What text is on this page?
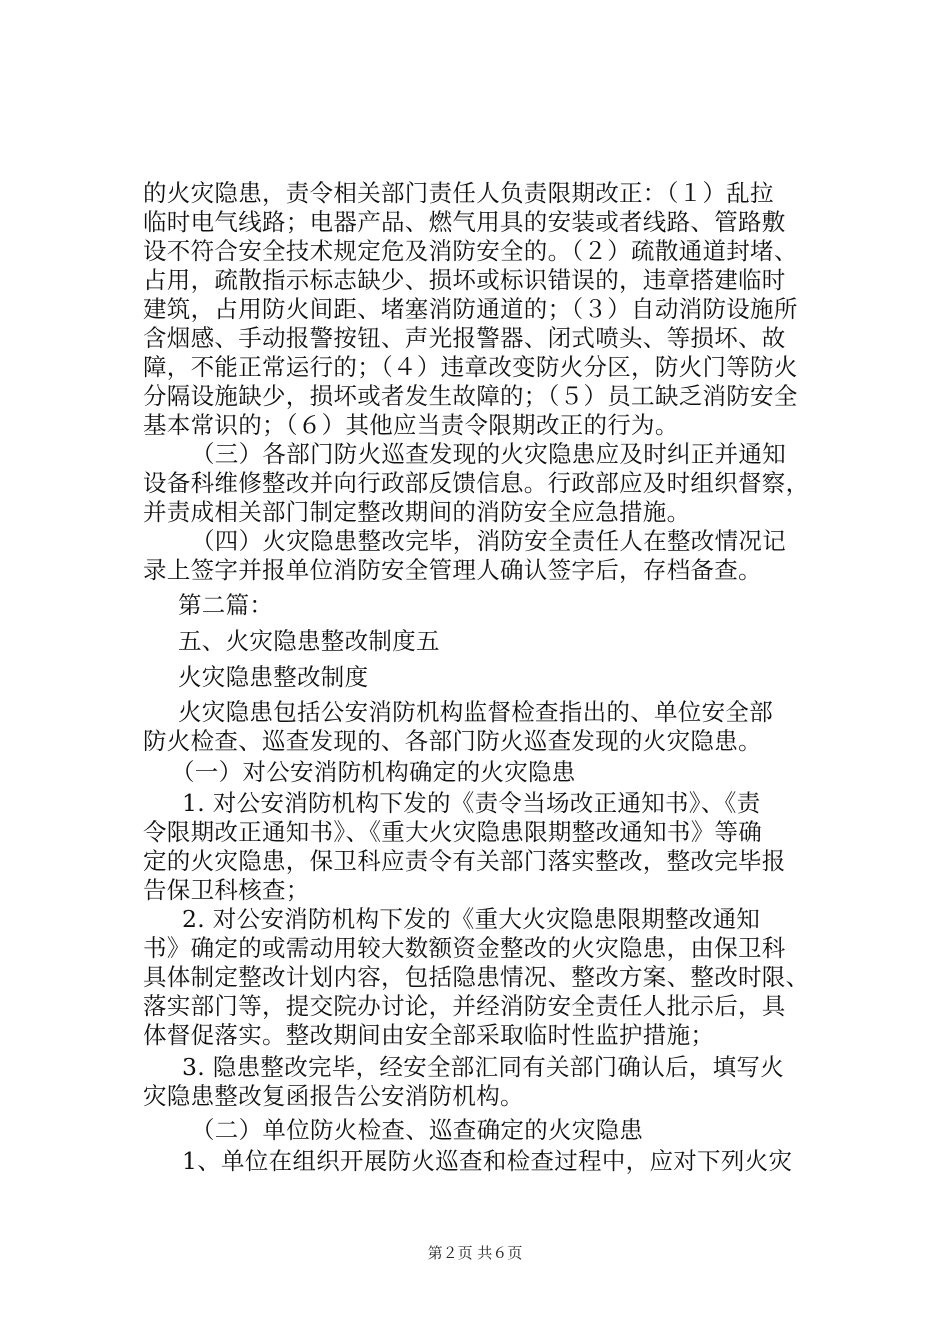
的火灾隐患，责令相关部门责任人负责限期改正：（１）乱拉
临时电气线路；电器产品、燃气用具的安装或者线路、管路敷
设不符合安全技术规定危及消防安全的。（２）疏散通道封堵、
占用，疏散指示标志缺少、损坏或标识错误的，违章搭建临时
建筑，占用防火间距、堵塞消防通道的；（３）自动消防设施所
含烟感、手动报警按钮、声光报警器、闭式喷头、等损坏、故
障，不能正常运行的；（４）违章改变防火分区，防火门等防火
分隔设施缺少，损坏或者发生故障的；（５）员工缺乏消防安全
基本常识的；（６）其他应当责令限期改正的行为。
（三）各部门防火巡查发现的火灾隐患应及时纠正并通知
设备科维修整改并向行政部反馈信息。行政部应及时组织督察，
并责成相关部门制定整改期间的消防安全应急措施。
（四）火灾隐患整改完毕，消防安全责任人在整改情况记
录上签字并报单位消防安全管理人确认签字后，存档备查。
第二篇：
五、火灾隐患整改制度五
火灾隐患整改制度
火灾隐患包括公安消防机构监督检查指出的、单位安全部
防火检查、巡查发现的、各部门防火巡查发现的火灾隐患。
（一）对公安消防机构确定的火灾隐患
1. 对公安消防机构下发的《责令当场改正通知书》、《责
令限期改正通知书》、《重大火灾隐患限期整改通知书》等确
定的火灾隐患，保卫科应责令有关部门落实整改，整改完毕报
告保卫科核查；
2. 对公安消防机构下发的《重大火灾隐患限期整改通知
书》确定的或需动用较大数额资金整改的火灾隐患，由保卫科
具体制定整改计划内容，包括隐患情况、整改方案、整改时限、
落实部门等，提交院办讨论，并经消防安全责任人批示后，具
体督促落实。整改期间由安全部采取临时性监护措施；
3. 隐患整改完毕，经安全部汇同有关部门确认后，填写火
灾隐患整改复函报告公安消防机构。
（二）单位防火检查、巡查确定的火灾隐患
1、单位在组织开展防火巡查和检查过程中，应对下列火灾
第２页 共６页
